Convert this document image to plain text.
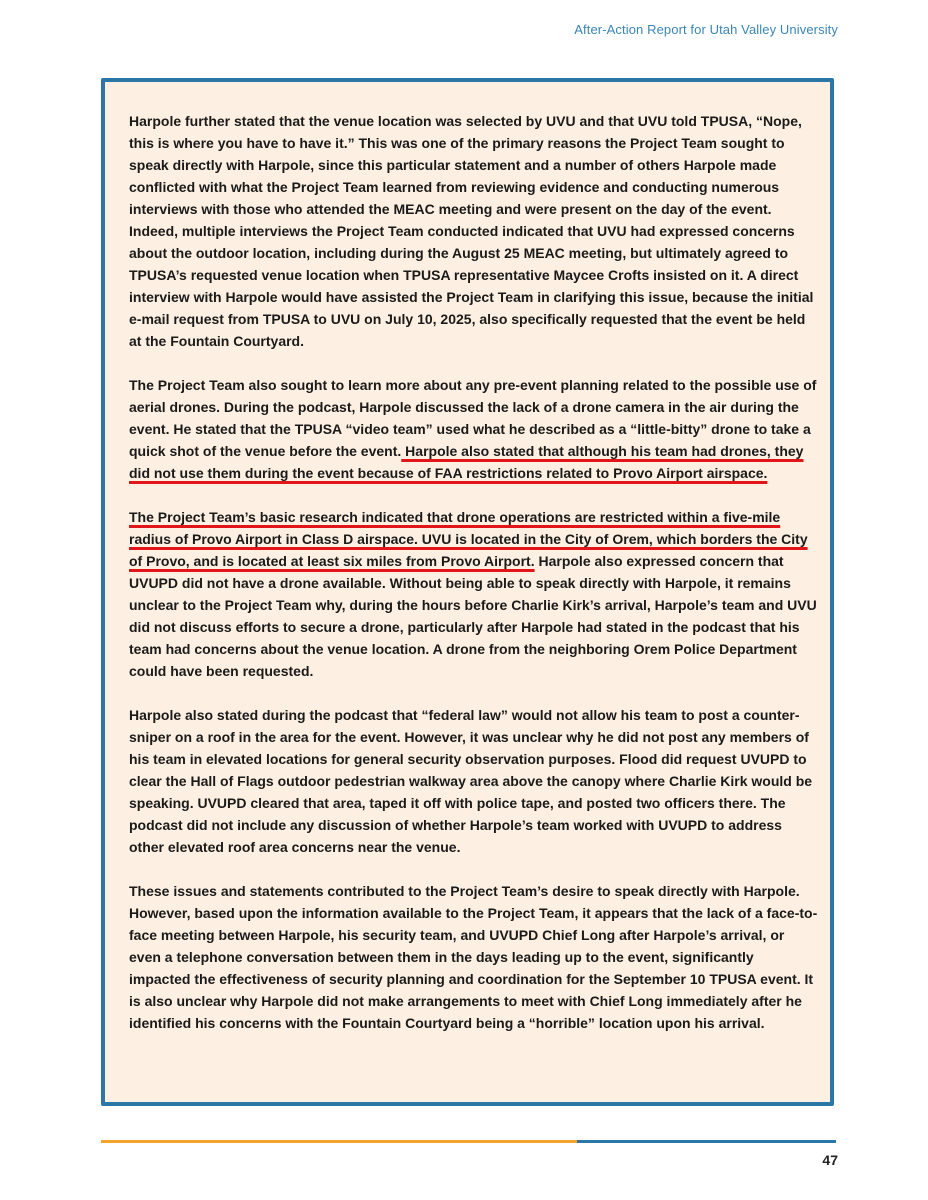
After-Action Report for Utah Valley University

Harpole further stated that the venue location was selected by UVU and that UVU told TPUSA, “Nope, this is where you have to have it.” This was one of the primary reasons the Project Team sought to speak directly with Harpole, since this particular statement and a number of others Harpole made conflicted with what the Project Team learned from reviewing evidence and conducting numerous interviews with those who attended the MEAC meeting and were present on the day of the event. Indeed, multiple interviews the Project Team conducted indicated that UVU had expressed concerns about the outdoor location, including during the August 25 MEAC meeting, but ultimately agreed to TPUSA’s requested venue location when TPUSA representative Maycee Crofts insisted on it. A direct interview with Harpole would have assisted the Project Team in clarifying this issue, because the initial e-mail request from TPUSA to UVU on July 10, 2025, also specifically requested that the event be held at the Fountain Courtyard.

The Project Team also sought to learn more about any pre-event planning related to the possible use of aerial drones. During the podcast, Harpole discussed the lack of a drone camera in the air during the event. He stated that the TPUSA “video team” used what he described as a “little-bitty” drone to take a quick shot of the venue before the event. Harpole also stated that although his team had drones, they did not use them during the event because of FAA restrictions related to Provo Airport airspace.

The Project Team’s basic research indicated that drone operations are restricted within a five-mile radius of Provo Airport in Class D airspace. UVU is located in the City of Orem, which borders the City of Provo, and is located at least six miles from Provo Airport. Harpole also expressed concern that UVUPD did not have a drone available. Without being able to speak directly with Harpole, it remains unclear to the Project Team why, during the hours before Charlie Kirk’s arrival, Harpole’s team and UVU did not discuss efforts to secure a drone, particularly after Harpole had stated in the podcast that his team had concerns about the venue location. A drone from the neighboring Orem Police Department could have been requested.

Harpole also stated during the podcast that “federal law” would not allow his team to post a counter-sniper on a roof in the area for the event. However, it was unclear why he did not post any members of his team in elevated locations for general security observation purposes. Flood did request UVUPD to clear the Hall of Flags outdoor pedestrian walkway area above the canopy where Charlie Kirk would be speaking. UVUPD cleared that area, taped it off with police tape, and posted two officers there. The podcast did not include any discussion of whether Harpole’s team worked with UVUPD to address other elevated roof area concerns near the venue.

These issues and statements contributed to the Project Team’s desire to speak directly with Harpole. However, based upon the information available to the Project Team, it appears that the lack of a face-to-face meeting between Harpole, his security team, and UVUPD Chief Long after Harpole’s arrival, or even a telephone conversation between them in the days leading up to the event, significantly impacted the effectiveness of security planning and coordination for the September 10 TPUSA event. It is also unclear why Harpole did not make arrangements to meet with Chief Long immediately after he identified his concerns with the Fountain Courtyard being a “horrible” location upon his arrival.

47
